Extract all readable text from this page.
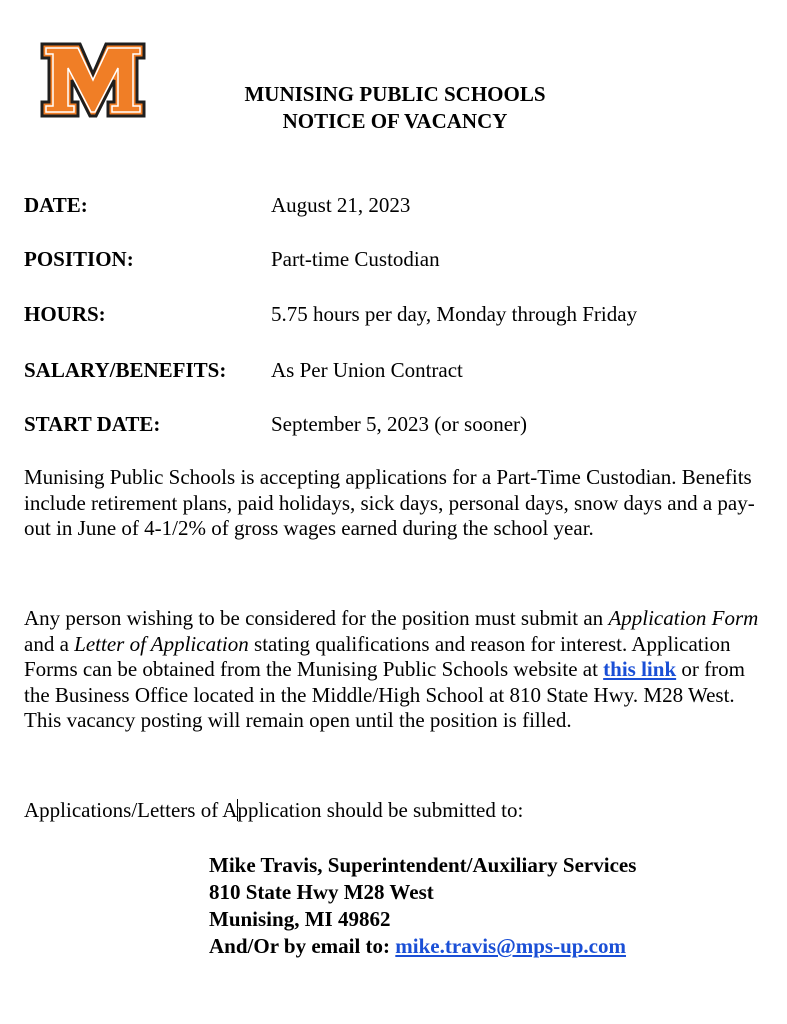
MUNISING PUBLIC SCHOOLS
NOTICE OF VACANCY
DATE:	August 21, 2023
POSITION:	Part-time Custodian
HOURS:	5.75 hours per day, Monday through Friday
SALARY/BENEFITS: As Per Union Contract
START DATE:	September 5, 2023 (or sooner)
Munising Public Schools is accepting applications for a Part-Time Custodian. Benefits include retirement plans, paid holidays, sick days, personal days, snow days and a pay-out in June of 4-1/2% of gross wages earned during the school year.
Any person wishing to be considered for the position must submit an Application Form and a Letter of Application stating qualifications and reason for interest. Application Forms can be obtained from the Munising Public Schools website at this link or from the Business Office located in the Middle/High School at 810 State Hwy. M28 West. This vacancy posting will remain open until the position is filled.
Applications/Letters of Application should be submitted to:
Mike Travis, Superintendent/Auxiliary Services
810 State Hwy M28 West
Munising, MI 49862
And/Or by email to: mike.travis@mps-up.com
